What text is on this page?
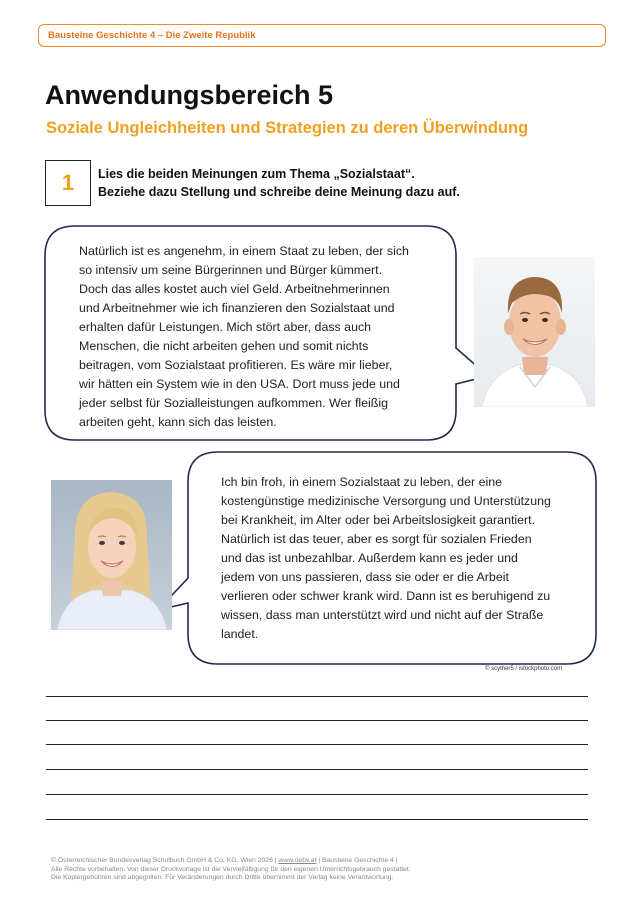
Bausteine Geschichte 4 – Die Zweite Republik
Anwendungsbereich 5
Soziale Ungleichheiten und Strategien zu deren Überwindung
1 Lies die beiden Meinungen zum Thema „Sozialstaat“.
Beziehe dazu Stellung und schreibe deine Meinung dazu auf.
Natürlich ist es angenehm, in einem Staat zu leben, der sich
so intensiv um seine Bürgerinnen und Bürger kümmert.
Doch das alles kostet auch viel Geld. Arbeitnehmerinnen
und Arbeitnehmer wie ich finanzieren den Sozialstaat und
erhalten dafür Leistungen. Mich stört aber, dass auch
Menschen, die nicht arbeiten gehen und somit nichts
beitragen, vom Sozialstaat profitieren. Es wäre mir lieber,
wir hätten ein System wie in den USA. Dort muss jede und
jeder selbst für Sozialleistungen aufkommen. Wer fleißig
arbeiten geht, kann sich das leisten.
Ich bin froh, in einem Sozialstaat zu leben, der eine
kostengünstige medizinische Versorgung und Unterstützung
bei Krankheit, im Alter oder bei Arbeitslosigkeit garantiert.
Natürlich ist das teuer, aber es sorgt für sozialen Frieden
und das ist unbezahlbar. Außerdem kann es jeder und
jedem von uns passieren, dass sie oder er die Arbeit
verlieren oder schwer krank wird. Dann ist es beruhigend zu
wissen, dass man unterstützt wird und nicht auf der Straße
landet.
© scyther5 / istockphoto.com
© Österreichischer Bundesverlag Schulbuch GmbH & Co. KG, Wien 2026 | www.oebv.at | Bausteine Geschichte 4 |
Alle Rechte vorbehalten. Von dieser Druckvorlage ist die Vervielfältigung für den eigenen Unterrichtsgebrauch gestattet.
Die Kopiergebühren sind abgegolten. Für Veränderungen durch Dritte übernimmt der Verlag keine Verantwortung.
